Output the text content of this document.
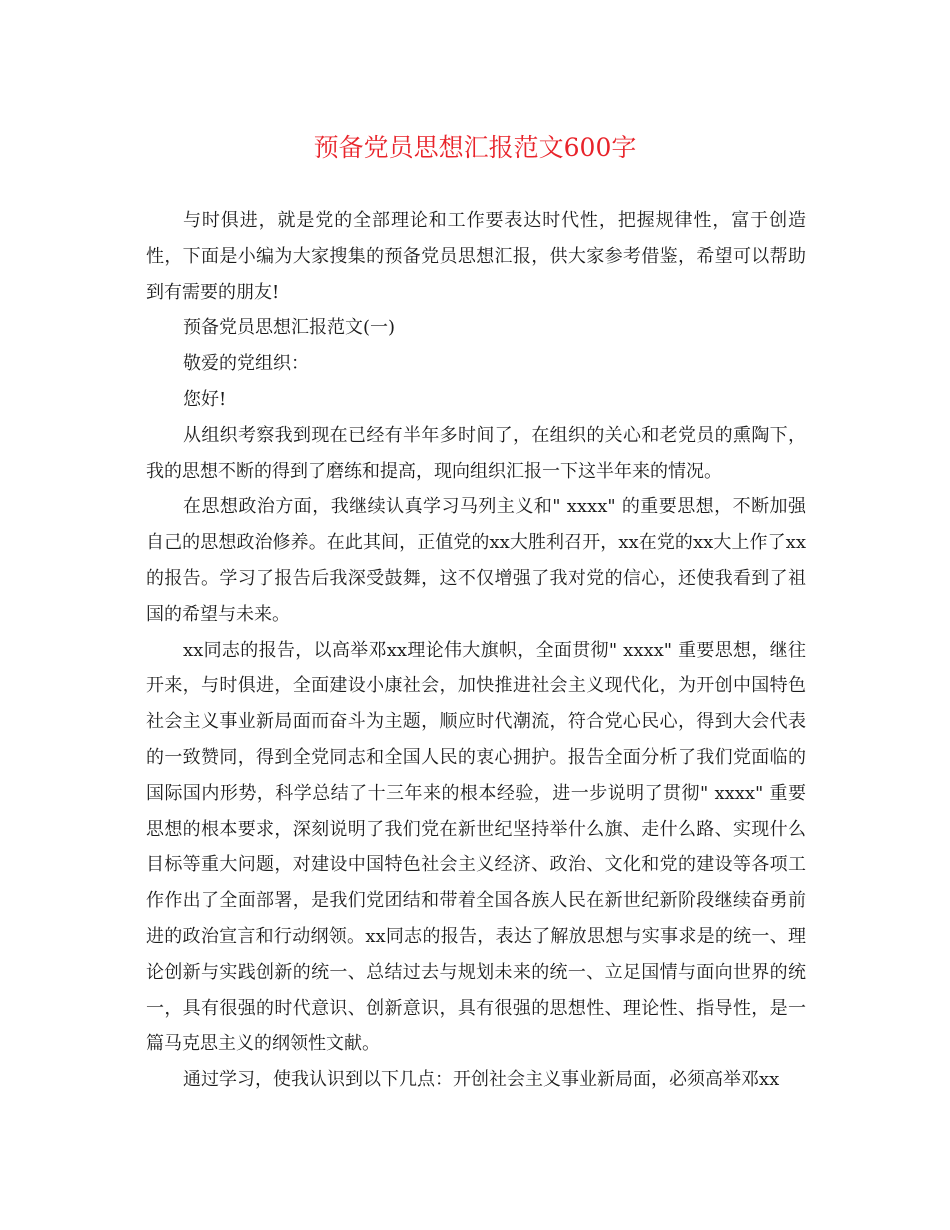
预备党员思想汇报范文600字

与时俱进，就是党的全部理论和工作要表达时代性，把握规律性，富于创造性，下面是小编为大家搜集的预备党员思想汇报，供大家参考借鉴，希望可以帮助到有需要的朋友!

预备党员思想汇报范文(一)

敬爱的党组织：

您好!

从组织考察我到现在已经有半年多时间了，在组织的关心和老党员的熏陶下，我的思想不断的得到了磨练和提高，现向组织汇报一下这半年来的情况。

在思想政治方面，我继续认真学习马列主义和" xxxx" 的重要思想，不断加强自己的思想政治修养。在此其间，正值党的xx大胜利召开，xx在党的xx大上作了xx的报告。学习了报告后我深受鼓舞，这不仅增强了我对党的信心，还使我看到了祖国的希望与未来。

xx同志的报告，以高举邓xx理论伟大旗帜，全面贯彻" xxxx" 重要思想，继往开来，与时俱进，全面建设小康社会，加快推进社会主义现代化，为开创中国特色社会主义事业新局面而奋斗为主题，顺应时代潮流，符合党心民心，得到大会代表的一致赞同，得到全党同志和全国人民的衷心拥护。报告全面分析了我们党面临的国际国内形势，科学总结了十三年来的根本经验，进一步说明了贯彻" xxxx" 重要思想的根本要求，深刻说明了我们党在新世纪坚持举什么旗、走什么路、实现什么目标等重大问题，对建设中国特色社会主义经济、政治、文化和党的建设等各项工作作出了全面部署，是我们党团结和带着全国各族人民在新世纪新阶段继续奋勇前进的政治宣言和行动纲领。xx同志的报告，表达了解放思想与实事求是的统一、理论创新与实践创新的统一、总结过去与规划未来的统一、立足国情与面向世界的统一，具有很强的时代意识、创新意识，具有很强的思想性、理论性、指导性，是一篇马克思主义的纲领性文献。

通过学习，使我认识到以下几点：开创社会主义事业新局面，必须高举邓xx
